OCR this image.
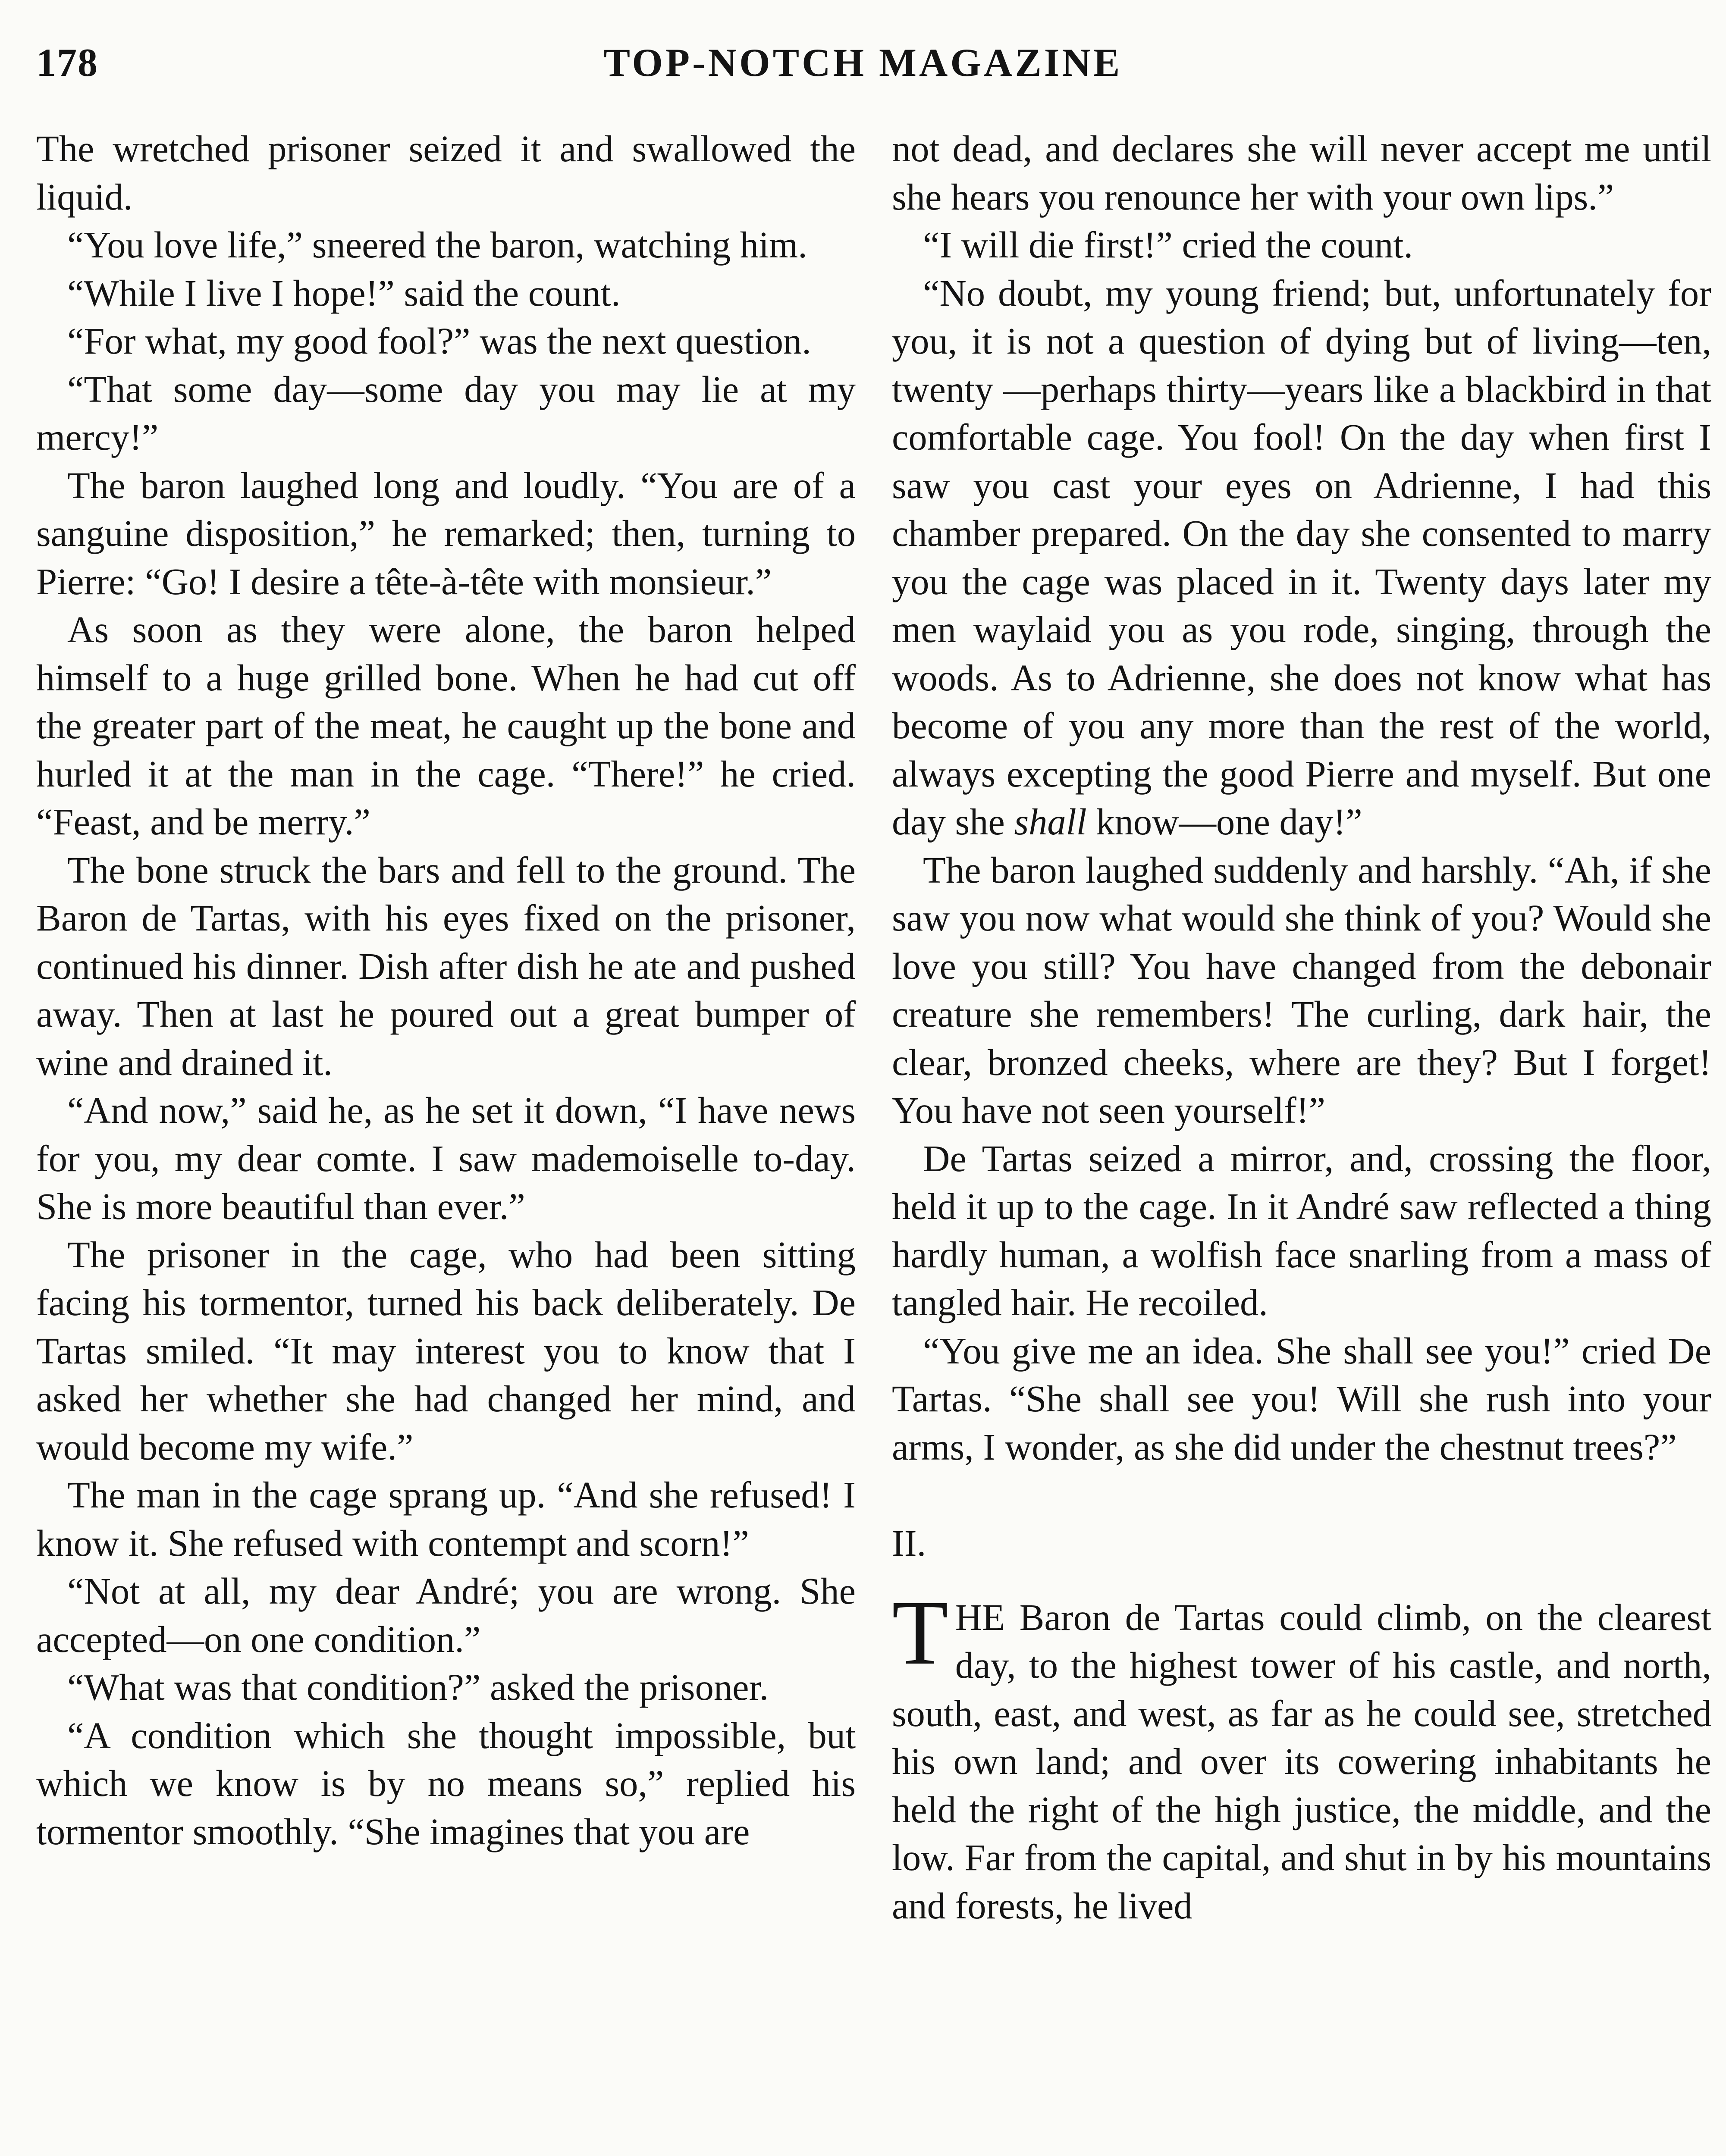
178	TOP-NOTCH MAGAZINE

The wretched prisoner seized it and swallowed the liquid.

“You love life,” sneered the baron, watching him.

“While I live I hope!” said the count.

“For what, my good fool?” was the next question.

“That some day—some day you may lie at my mercy!”

The baron laughed long and loudly. “You are of a sanguine disposition,” he remarked; then, turning to Pierre: “Go! I desire a tête-à-tête with monsieur.”

As soon as they were alone, the baron helped himself to a huge grilled bone. When he had cut off the greater part of the meat, he caught up the bone and hurled it at the man in the cage. “There!” he cried. “Feast, and be merry.”

The bone struck the bars and fell to the ground. The Baron de Tartas, with his eyes fixed on the prisoner, continued his dinner. Dish after dish he ate and pushed away. Then at last he poured out a great bumper of wine and drained it.

“And now,” said he, as he set it down, “I have news for you, my dear comte. I saw mademoiselle to-day. She is more beautiful than ever.”

The prisoner in the cage, who had been sitting facing his tormentor, turned his back deliberately. De Tartas smiled. “It may interest you to know that I asked her whether she had changed her mind, and would become my wife.”

The man in the cage sprang up. “And she refused! I know it. She refused with contempt and scorn!”

“Not at all, my dear André; you are wrong. She accepted—on one condition.”

“What was that condition?” asked the prisoner.

“A condition which she thought impossible, but which we know is by no means so,” replied his tormentor smoothly. “She imagines that you are

not dead, and declares she will never accept me until she hears you renounce her with your own lips.”

“I will die first!” cried the count.

“No doubt, my young friend; but, unfortunately for you, it is not a question of dying but of living—ten, twenty —perhaps thirty—years like a blackbird in that comfortable cage. You fool! On the day when first I saw you cast your eyes on Adrienne, I had this chamber prepared. On the day she consented to marry you the cage was placed in it. Twenty days later my men waylaid you as you rode, singing, through the woods. As to Adrienne, she does not know what has become of you any more than the rest of the world, always excepting the good Pierre and myself. But one day she shall know—one day!”

The baron laughed suddenly and harshly. “Ah, if she saw you now what would she think of you? Would she love you still? You have changed from the debonair creature she remembers! The curling, dark hair, the clear, bronzed cheeks, where are they? But I forget! You have not seen yourself!”

De Tartas seized a mirror, and, crossing the floor, held it up to the cage. In it André saw reflected a thing hardly human, a wolfish face snarling from a mass of tangled hair. He recoiled.

“You give me an idea. She shall see you!” cried De Tartas. “She shall see you! Will she rush into your arms, I wonder, as she did under the chestnut trees?”

II.

THE Baron de Tartas could climb, on the clearest day, to the highest tower of his castle, and north, south, east, and west, as far as he could see, stretched his own land; and over its cowering inhabitants he held the right of the high justice, the middle, and the low. Far from the capital, and shut in by his mountains and forests, he lived
